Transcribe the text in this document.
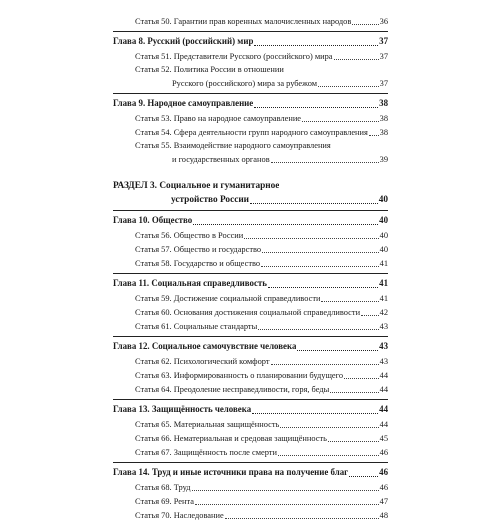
Статья 50. Гарантии прав коренных малочисленных народов	36
Глава 8. Русский (российский) мир	37
Статья 51. Представители Русского (российского) мира	37
Статья 52. Политика России в отношении
Русского (российского) мира за рубежом	37
Глава 9. Народное самоуправление	38
Статья 53. Право на народное самоуправление	38
Статья 54. Сфера деятельности групп народного самоуправления 38
Статья 55. Взаимодействие народного самоуправления
и государственных органов	39
РАЗДЕЛ 3. Социальное и гуманитарное
устройство России	40
Глава 10. Общество	40
Статья 56. Общество в России	40
Статья 57. Общество и государство	40
Статья 58. Государство и общество	41
Глава 11. Социальная справедливость	41
Статья 59. Достижение социальной справедливости	41
Статья 60. Основания достижения социальной справедливости 42
Статья 61. Социальные стандарты	43
Глава 12. Социальное самочувствие человека	43
Статья 62. Психологический комфорт	43
Статья 63. Информированность о планировании будущего	44
Статья 64. Преодоление несправедливости, горя, беды	44
Глава 13. Защищённость человека	44
Статья 65. Материальная защищённость	44
Статья 66. Нематериальная и средовая защищённость	45
Статья 67. Защищённость после смерти	46
Глава 14. Труд и иные источники права на получение благ	46
Статья 68. Труд	46
Статья 69. Рента	47
Статья 70. Наследование	48
